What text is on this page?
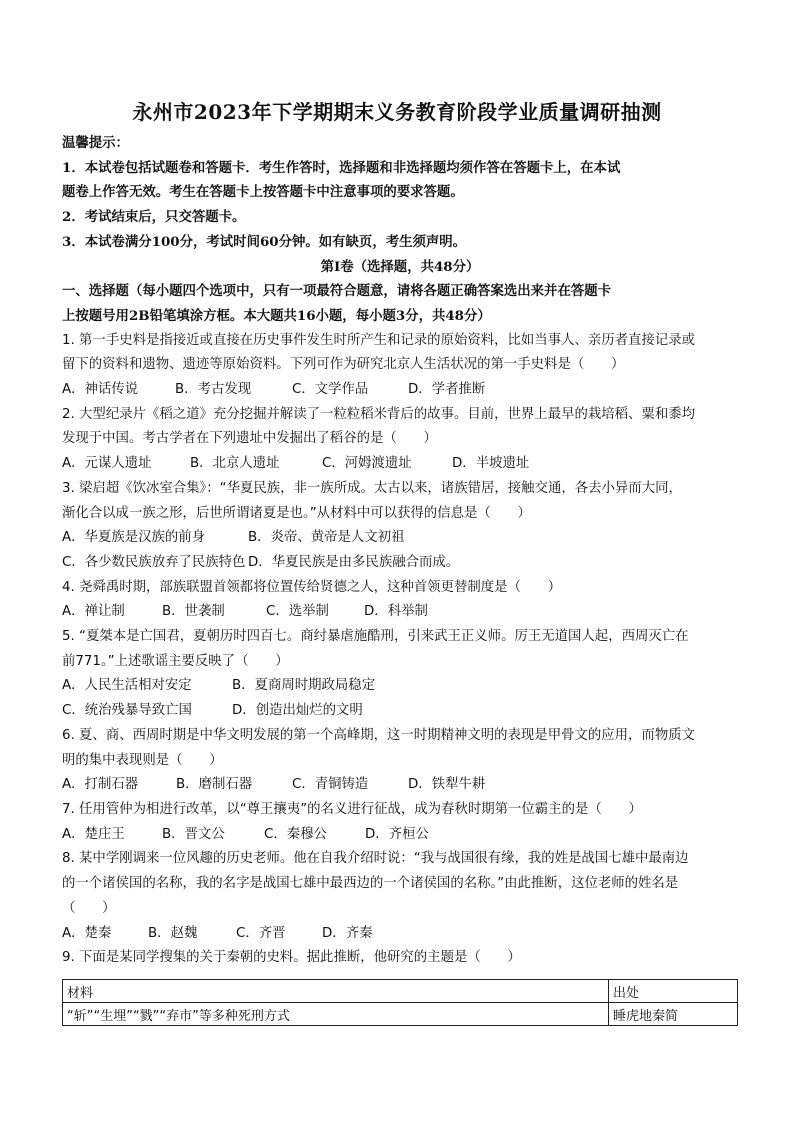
永州市2023年下学期期末义务教育阶段学业质量调研抽测

温馨提示：

1．本试卷包括试题卷和答题卡．考生作答时，选择题和非选择题均须作答在答题卡上，在本试

题卷上作答无效。考生在答题卡上按答题卡中注意事项的要求答题。

2．考试结束后，只交答题卡。

3．本试卷满分100分，考试时间60分钟。如有缺页，考生须声明。

第Ⅰ卷（选择题，共48分）

一、选择题（每小题四个选项中，只有一项最符合题意，请将各题正确答案选出来并在答题卡

上按题号用2B铅笔填涂方框。本大题共16小题，每小题3分，共48分）

1. 第一手史料是指接近或直接在历史事件发生时所产生和记录的原始资料，比如当事人、亲历者直接记录或

留下的资料和遗物、遗迹等原始资料。下列可作为研究北京人生活状况的第一手史料是（　　）

A．神话传说	B．考古发现	C．文学作品	D．学者推断

2. 大型纪录片《稻之道》充分挖掘并解读了一粒粒稻米背后的故事。目前，世界上最早的栽培稻、粟和黍均

发现于中国。考古学者在下列遗址中发掘出了稻谷的是（　　）

A．元谋人遗址	B．北京人遗址	C．河姆渡遗址	D．半坡遗址

3. 梁启超《饮冰室合集》：“华夏民族，非一族所成。太古以来，诸族错居，接触交通，各去小异而大同，

渐化合以成一族之形，后世所谓诸夏是也。”从材料中可以获得的信息是（　　）

A．华夏族是汉族的前身	B．炎帝、黄帝是人文初祖
C．各少数民族放弃了民族特色 D．华夏民族是由多民族融合而成。

4. 尧舜禹时期，部族联盟首领都将位置传给贤德之人，这种首领更替制度是（　　）

A．禅让制	B．世袭制	C．选举制	D．科举制

5. “夏桀本是亡国君，夏朝历时四百七。商纣暴虐施酷刑，引来武王正义师。厉王无道国人起，西周灭亡在

前771。”上述歌谣主要反映了（　　）

A．人民生活相对安定	B．夏商周时期政局稳定
C．统治残暴导致亡国	D．创造出灿烂的文明

6. 夏、商、西周时期是中华文明发展的第一个高峰期，这一时期精神文明的表现是甲骨文的应用，而物质文

明的集中表现则是（　　）

A．打制石器	B．磨制石器	C．青铜铸造	D．铁犁牛耕

7. 任用管仲为相进行改革，以“尊王攘夷”的名义进行征战，成为春秋时期第一位霸主的是（　　）

A．楚庄王	B．晋文公	C．秦穆公	D．齐桓公

8. 某中学刚调来一位风趣的历史老师。他在自我介绍时说：“我与战国很有缘，我的姓是战国七雄中最南边

的一个诸侯国的名称，我的名字是战国七雄中最西边的一个诸侯国的名称。”由此推断，这位老师的姓名是

（　　）

A．楚秦	B．赵魏	C．齐晋	D．齐秦

9. 下面是某同学搜集的关于秦朝的史料。据此推断，他研究的主题是（　　）

材料	出处
“斩”“生埋”“戮”“弃市”等多种死刑方式	睡虎地秦简
